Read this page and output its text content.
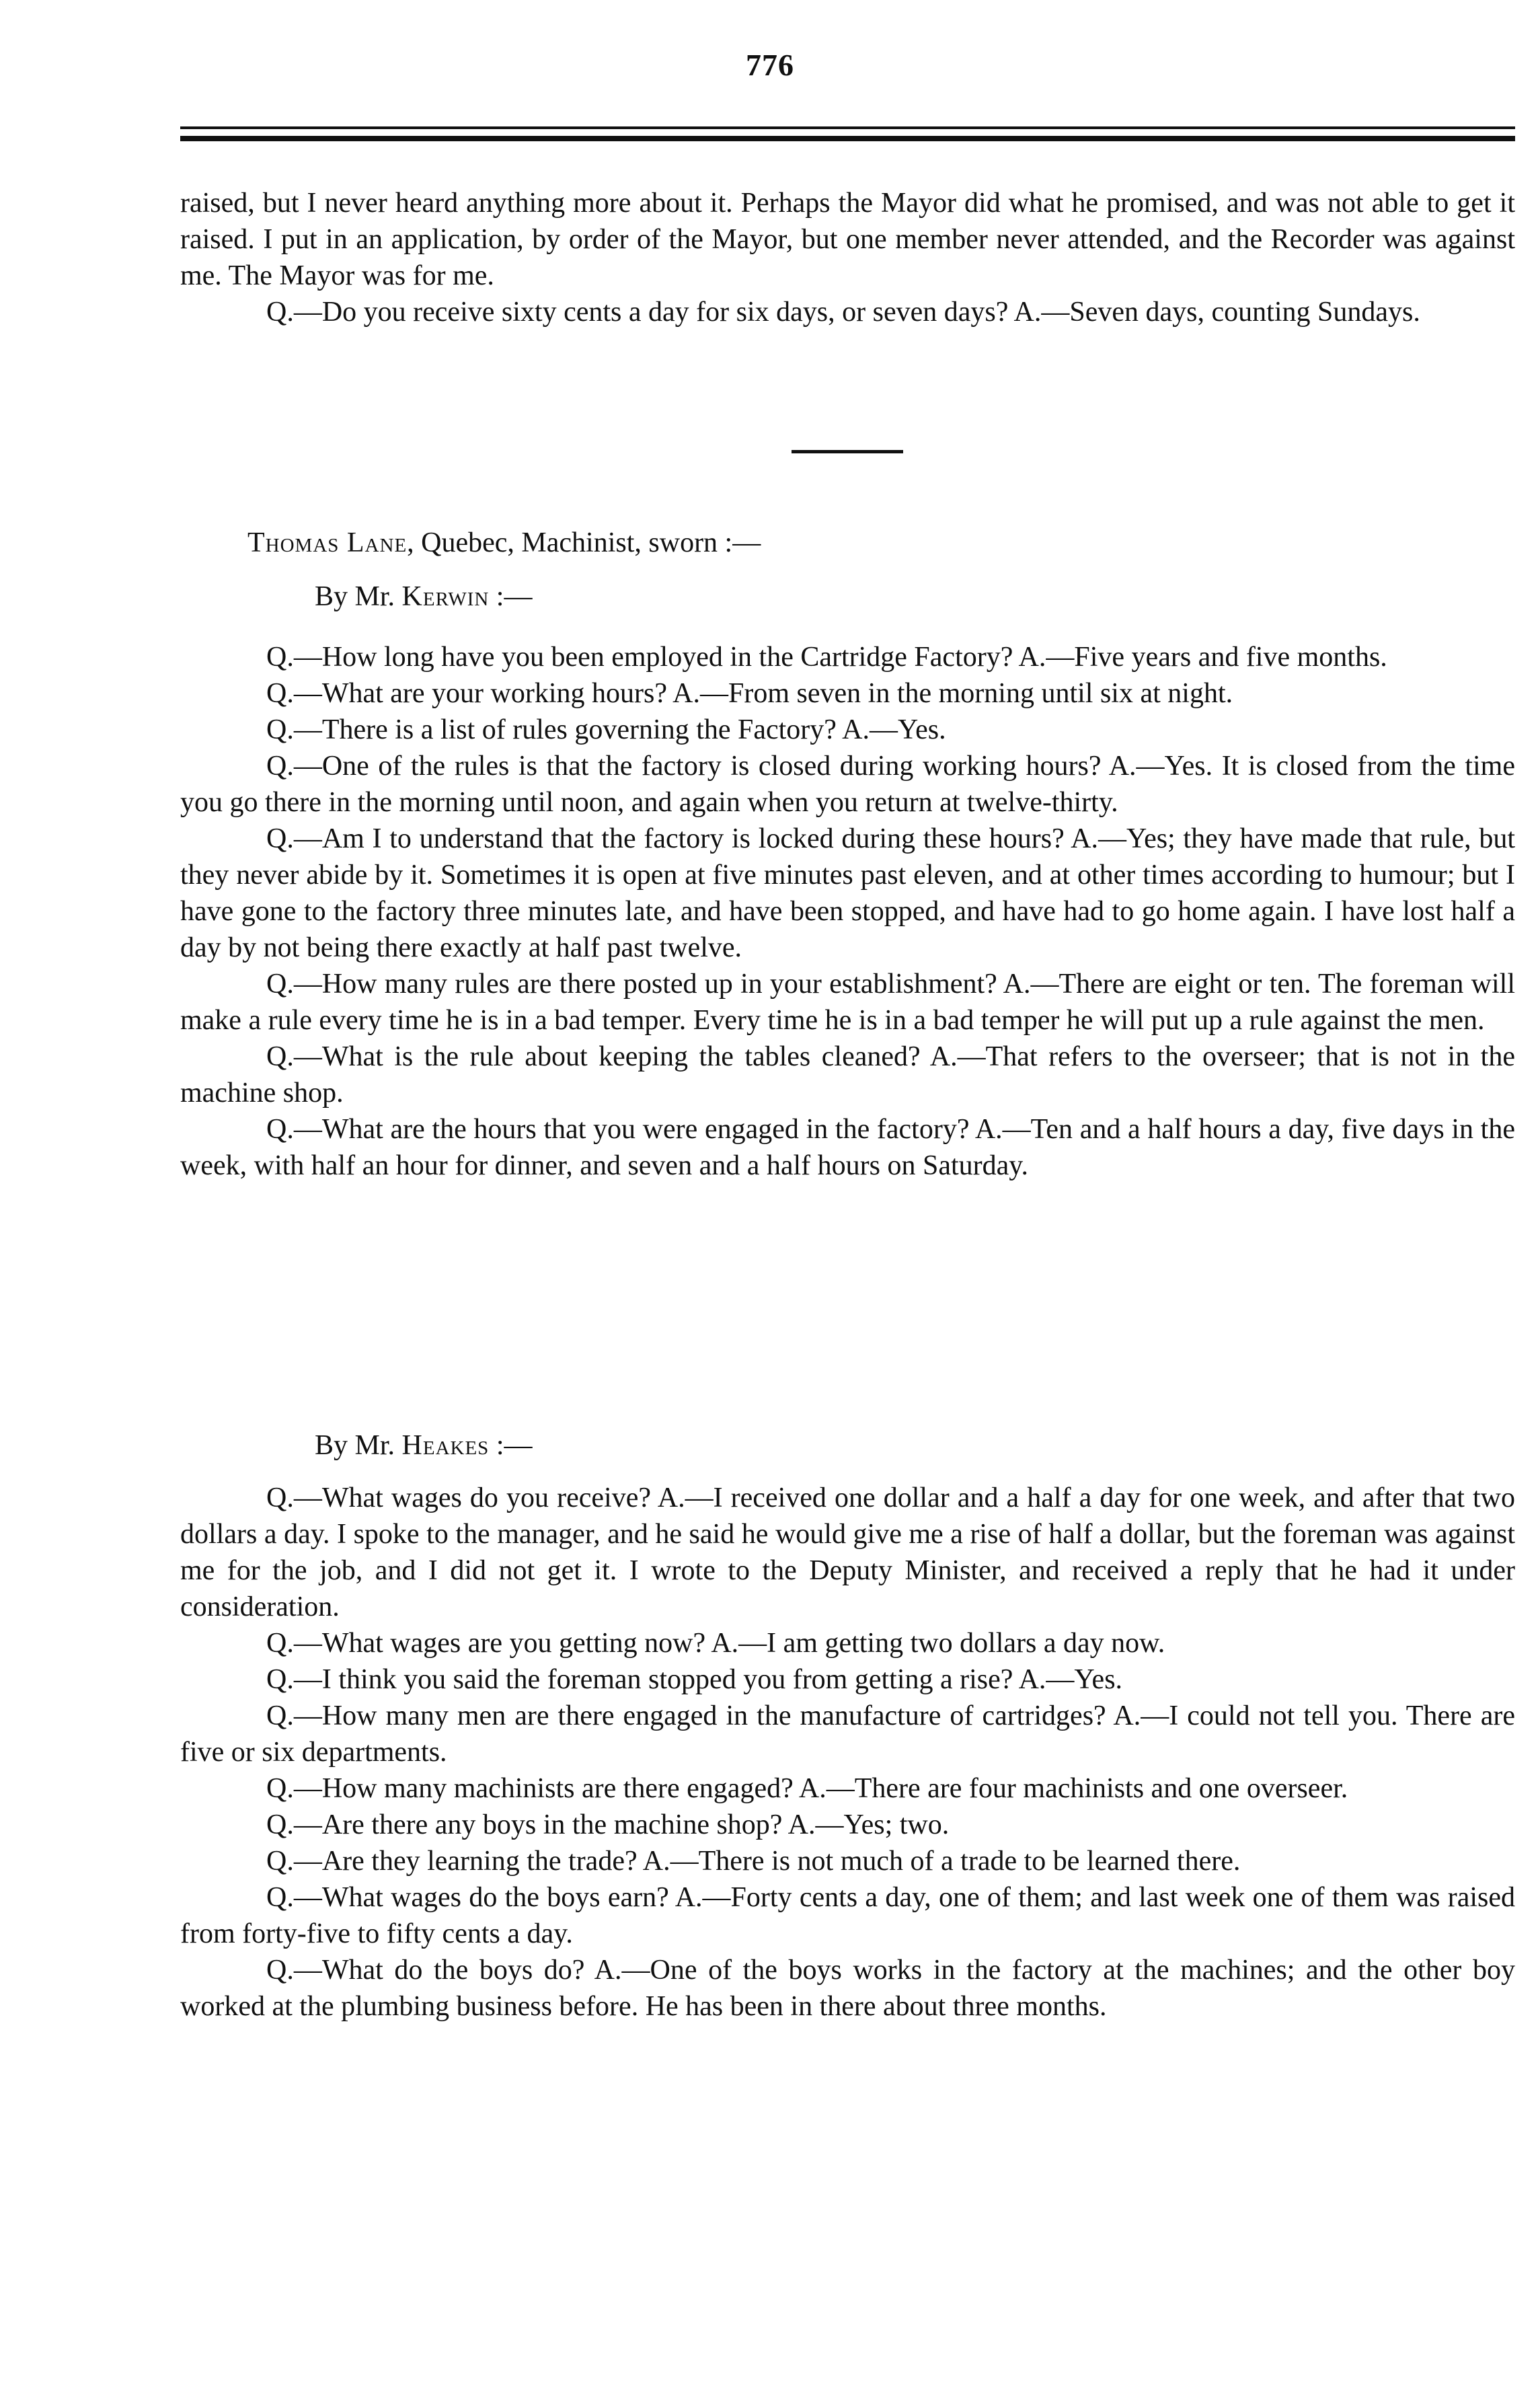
776

raised, but I never heard anything more about it. Perhaps the Mayor did what he promised, and was not able to get it raised. I put in an application, by order of the Mayor, but one member never attended, and the Recorder was against me. The Mayor was for me.

Q.—Do you receive sixty cents a day for six days, or seven days? A.—Seven days, counting Sundays.

Thomas Lane, Quebec, Machinist, sworn :—
By Mr. Kerwin :—

Q.—How long have you been employed in the Cartridge Factory? A.—Five years and five months.

Q.—What are your working hours? A.—From seven in the morning until six at night.

Q.—There is a list of rules governing the Factory? A.—Yes.

Q.—One of the rules is that the factory is closed during working hours? A.—Yes. It is closed from the time you go there in the morning until noon, and again when you return at twelve-thirty.

Q.—Am I to understand that the factory is locked during these hours? A.—Yes; they have made that rule, but they never abide by it. Sometimes it is open at five minutes past eleven, and at other times according to humour; but I have gone to the factory three minutes late, and have been stopped, and have had to go home again. I have lost half a day by not being there exactly at half past twelve.

Q.—How many rules are there posted up in your establishment? A.—There are eight or ten. The foreman will make a rule every time he is in a bad temper. Every time he is in a bad temper he will put up a rule against the men.

Q.—What is the rule about keeping the tables cleaned? A.—That refers to the overseer; that is not in the machine shop.

Q.—What are the hours that you were engaged in the factory? A.—Ten and a half hours a day, five days in the week, with half an hour for dinner, and seven and a half hours on Saturday.

By Mr. Heakes :—

Q.—What wages do you receive? A.—I received one dollar and a half a day for one week, and after that two dollars a day. I spoke to the manager, and he said he would give me a rise of half a dollar, but the foreman was against me for the job, and I did not get it. I wrote to the Deputy Minister, and received a reply that he had it under consideration.

Q.—What wages are you getting now? A.—I am getting two dollars a day now.

Q.—I think you said the foreman stopped you from getting a rise? A.—Yes.

Q.—How many men are there engaged in the manufacture of cartridges? A.—I could not tell you. There are five or six departments.

Q.—How many machinists are there engaged? A.—There are four machinists and one overseer.

Q.—Are there any boys in the machine shop? A.—Yes; two.

Q.—Are they learning the trade? A.—There is not much of a trade to be learned there.

Q.—What wages do the boys earn? A.—Forty cents a day, one of them; and last week one of them was raised from forty-five to fifty cents a day.

Q.—What do the boys do? A.—One of the boys works in the factory at the machines; and the other boy worked at the plumbing business before. He has been in there about three months.
